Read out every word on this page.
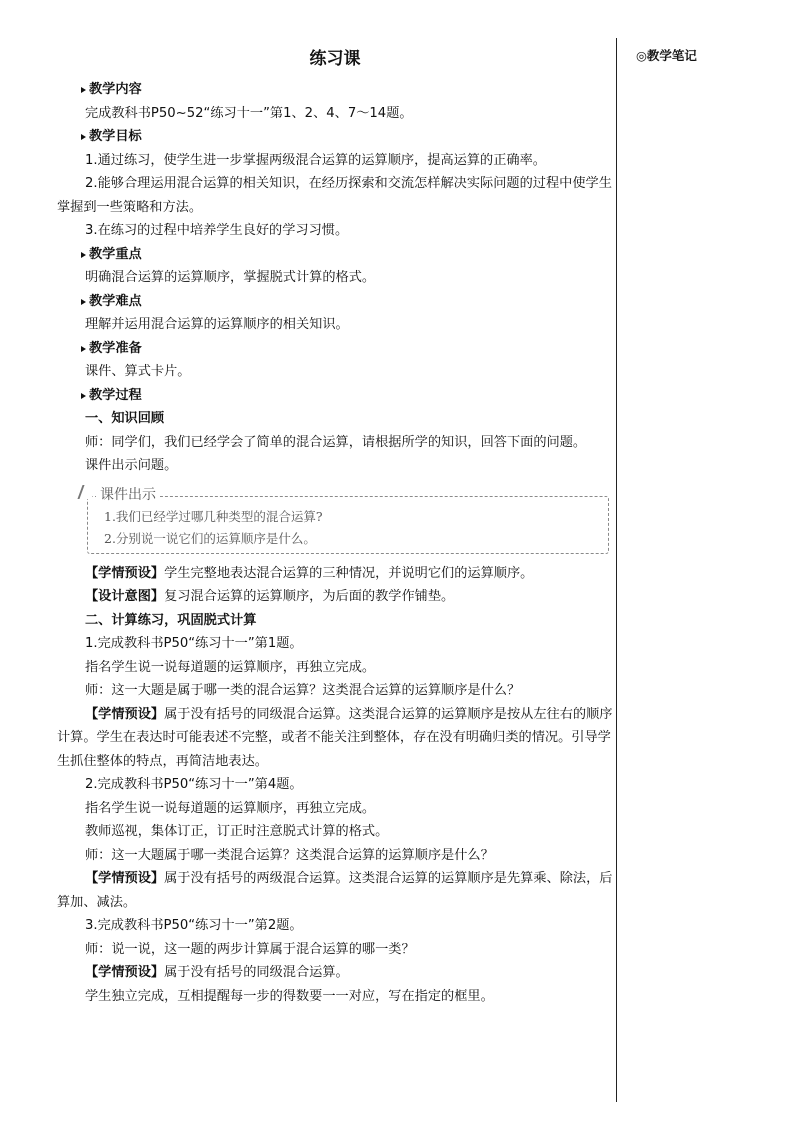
◎教学笔记
练习课
教学内容
完成教科书P50~52“练习十一”第1、2、4、7～14题。
教学目标
1.通过练习，使学生进一步掌握两级混合运算的运算顺序，提高运算的正确率。
2.能够合理运用混合运算的相关知识，在经历探索和交流怎样解决实际问题的过程中使学生掌握到一些策略和方法。
3.在练习的过程中培养学生良好的学习习惯。
教学重点
明确混合运算的运算顺序，掌握脱式计算的格式。
教学难点
理解并运用混合运算的运算顺序的相关知识。
教学准备
课件、算式卡片。
教学过程
一、知识回顾
师：同学们，我们已经学会了简单的混合运算，请根据所学的知识，回答下面的问题。
课件出示问题。
课件出示
1.我们已经学过哪几种类型的混合运算?
2.分别说一说它们的运算顺序是什么。
【学情预设】学生完整地表达混合运算的三种情况，并说明它们的运算顺序。
【设计意图】复习混合运算的运算顺序，为后面的教学作铺垫。
二、计算练习，巩固脱式计算
1.完成教科书P50“练习十一”第1题。
指名学生说一说每道题的运算顺序，再独立完成。
师：这一大题是属于哪一类的混合运算？这类混合运算的运算顺序是什么？
【学情预设】属于没有括号的同级混合运算。这类混合运算的运算顺序是按从左往右的顺序计算。学生在表达时可能表述不完整，或者不能关注到整体，存在没有明确归类的情况。引导学生抓住整体的特点，再简洁地表达。
2.完成教科书P50“练习十一”第4题。
指名学生说一说每道题的运算顺序，再独立完成。
教师巡视，集体订正，订正时注意脱式计算的格式。
师：这一大题属于哪一类混合运算？这类混合运算的运算顺序是什么？
【学情预设】属于没有括号的两级混合运算。这类混合运算的运算顺序是先算乘、除法，后算加、减法。
3.完成教科书P50“练习十一”第2题。
师：说一说，这一题的两步计算属于混合运算的哪一类？
【学情预设】属于没有括号的同级混合运算。
学生独立完成，互相提醒每一步的得数要一一对应，写在指定的框里。
